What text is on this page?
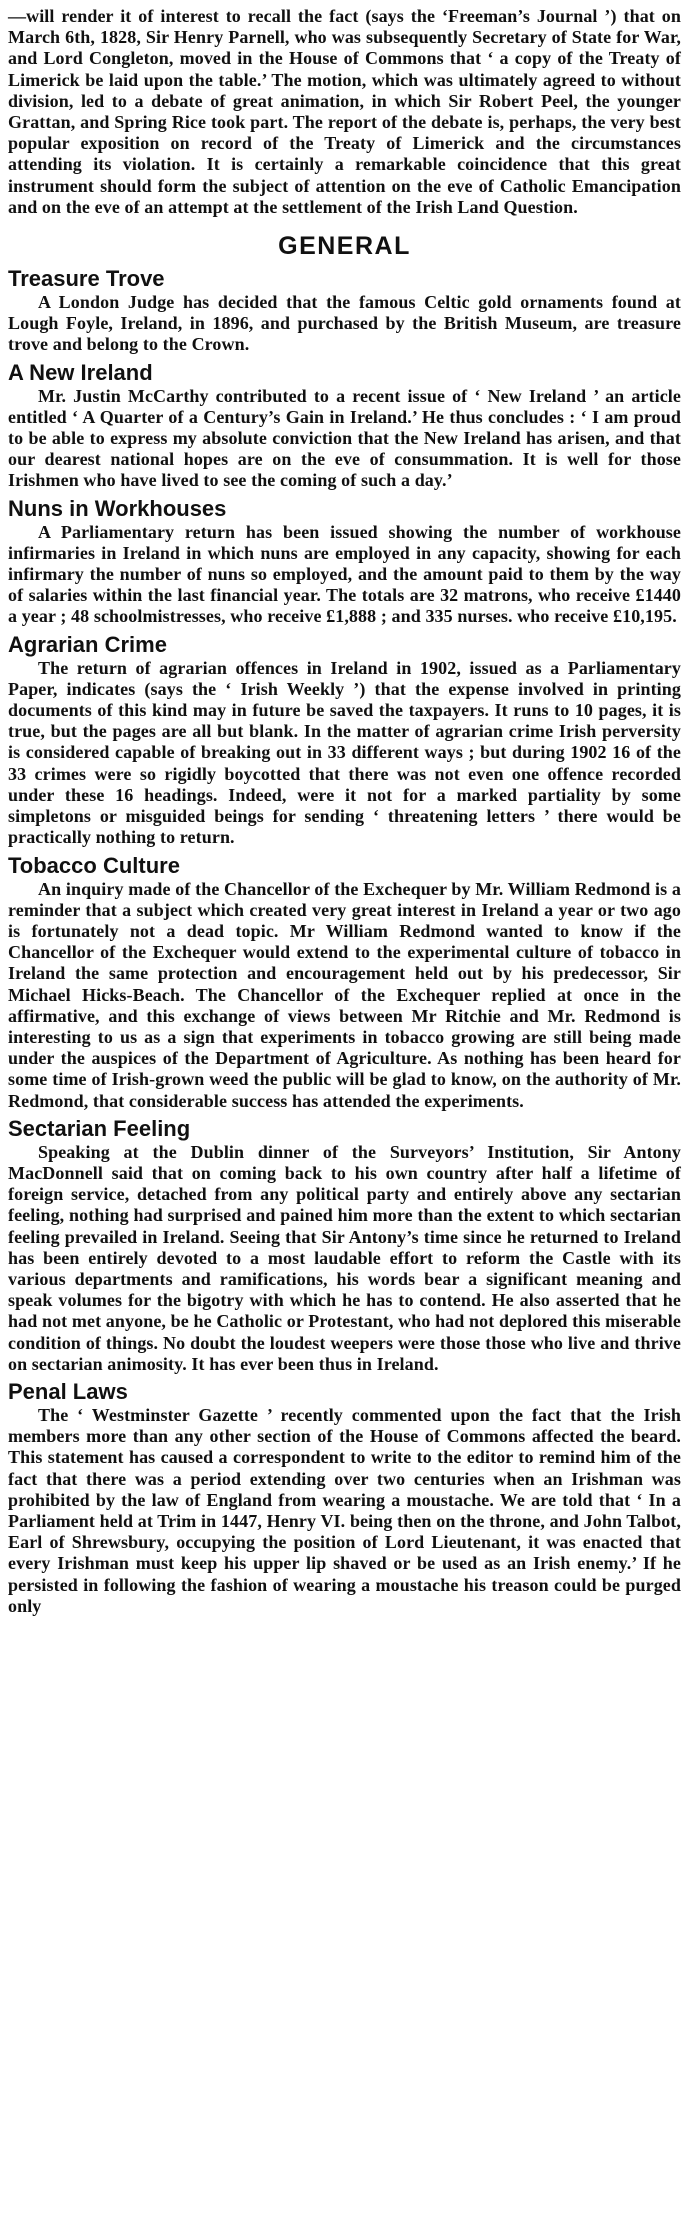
—will render it of interest to recall the fact (says the ‘Freeman’s Journal ’) that on March 6th, 1828, Sir Henry Parnell, who was subsequently Secretary of State for War, and Lord Congleton, moved in the House of Commons that ‘ a copy of the Treaty of Limerick be laid upon the table.’ The motion, which was ultimately agreed to without division, led to a debate of great animation, in which Sir Robert Peel, the younger Grattan, and Spring Rice took part. The report of the debate is, perhaps, the very best popular exposition on record of the Treaty of Limerick and the circumstances attending its violation. It is certainly a remarkable coincidence that this great instrument should form the subject of attention on the eve of Catholic Emancipation and on the eve of an attempt at the settlement of the Irish Land Question.

GENERAL
Treasure Trove

A London Judge has decided that the famous Celtic gold ornaments found at Lough Foyle, Ireland, in 1896, and purchased by the British Museum, are treasure trove and belong to the Crown.

A New Ireland

Mr. Justin McCarthy contributed to a recent issue of ‘ New Ireland ’ an article entitled ‘ A Quarter of a Century’s Gain in Ireland.’ He thus concludes : ‘ I am proud to be able to express my absolute conviction that the New Ireland has arisen, and that our dearest national hopes are on the eve of consummation. It is well for those Irishmen who have lived to see the coming of such a day.’

Nuns in Workhouses

A Parliamentary return has been issued showing the number of workhouse infirmaries in Ireland in which nuns are employed in any capacity, showing for each infirmary the number of nuns so employed, and the amount paid to them by the way of salaries within the last financial year. The totals are 32 matrons, who receive £1440 a year ; 48 schoolmistresses, who receive £1,888 ; and 335 nurses. who receive £10,195.

Agrarian Crime

The return of agrarian offences in Ireland in 1902, issued as a Parliamentary Paper, indicates (says the ‘ Irish Weekly ’) that the expense involved in printing documents of this kind may in future be saved the taxpayers. It runs to 10 pages, it is true, but the pages are all but blank. In the matter of agrarian crime Irish perversity is considered capable of breaking out in 33 different ways ; but during 1902 16 of the 33 crimes were so rigidly boycotted that there was not even one offence recorded under these 16 headings. Indeed, were it not for a marked partiality by some simpletons or misguided beings for sending ‘ threatening letters ’ there would be practically nothing to return.

Tobacco Culture

An inquiry made of the Chancellor of the Exchequer by Mr. William Redmond is a reminder that a subject which created very great interest in Ireland a year or two ago is fortunately not a dead topic. Mr William Redmond wanted to know if the Chancellor of the Exchequer would extend to the experimental culture of tobacco in Ireland the same protection and encouragement held out by his predecessor, Sir Michael Hicks-Beach. The Chancellor of the Exchequer replied at once in the affirmative, and this exchange of views between Mr Ritchie and Mr. Redmond is interesting to us as a sign that experiments in tobacco growing are still being made under the auspices of the Department of Agriculture. As nothing has been heard for some time of Irish-grown weed the public will be glad to know, on the authority of Mr. Redmond, that considerable success has attended the experiments.

Sectarian Feeling

Speaking at the Dublin dinner of the Surveyors’ Institution, Sir Antony MacDonnell said that on coming back to his own country after half a lifetime of foreign service, detached from any political party and entirely above any sectarian feeling, nothing had surprised and pained him more than the extent to which sectarian feeling prevailed in Ireland. Seeing that Sir Antony’s time since he returned to Ireland has been entirely devoted to a most laudable effort to reform the Castle with its various departments and ramifications, his words bear a significant meaning and speak volumes for the bigotry with which he has to contend. He also asserted that he had not met anyone, be he Catholic or Protestant, who had not deplored this miserable condition of things. No doubt the loudest weepers were those those who live and thrive on sectarian animosity. It has ever been thus in Ireland.

Penal Laws

The ‘ Westminster Gazette ’ recently commented upon the fact that the Irish members more than any other section of the House of Commons affected the beard. This statement has caused a correspondent to write to the editor to remind him of the fact that there was a period extending over two centuries when an Irishman was prohibited by the law of England from wearing a moustache. We are told that ‘ In a Parliament held at Trim in 1447, Henry VI. being then on the throne, and John Talbot, Earl of Shrewsbury, occupying the position of Lord Lieutenant, it was enacted that every Irishman must keep his upper lip shaved or be used as an Irish enemy.’ If he persisted in following the fashion of wearing a moustache his treason could be purged only
